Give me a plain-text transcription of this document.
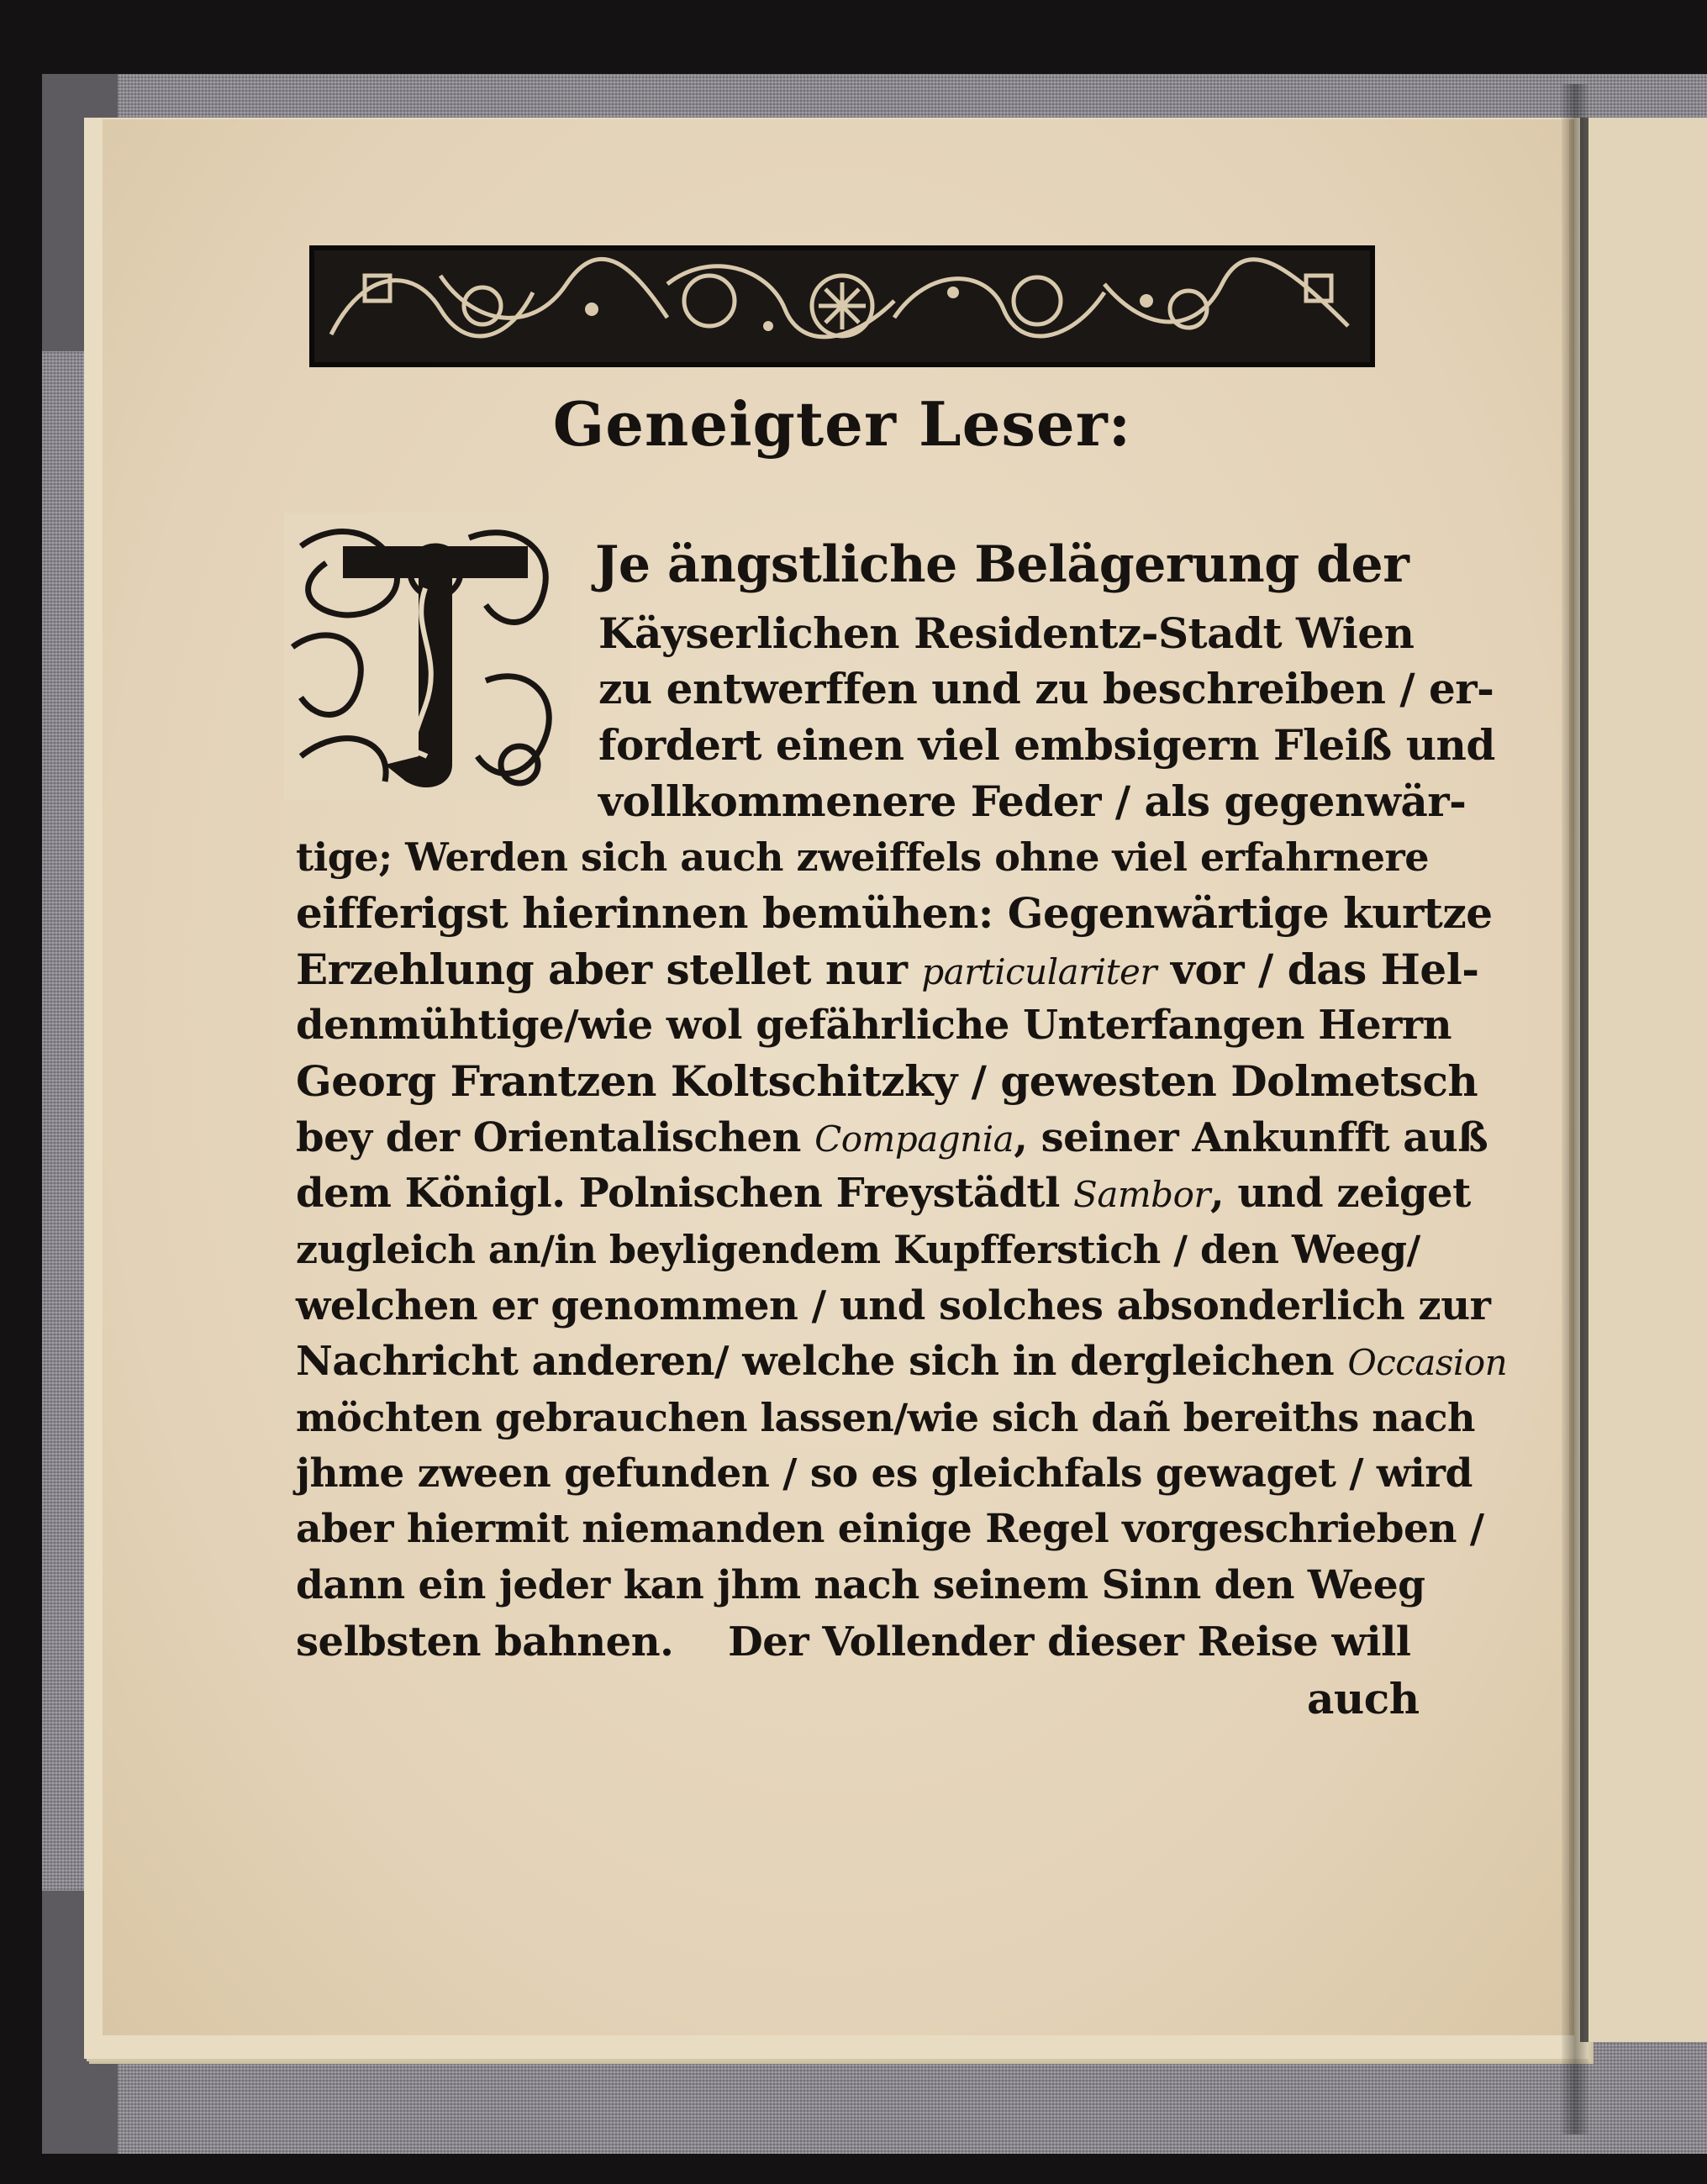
Geneigter Leser:
D
Je ängstliche Belägerung der
Käyserlichen Residentz-Stadt Wien
zu entwerffen und zu beschreiben / er-
fordert einen viel embsigern Fleiß und
vollkommenere Feder / als gegenwär-
tige; Werden sich auch zweiffels ohne viel erfahrnere
eifferigst hierinnen bemühen: Gegenwärtige kurtze
Erzehlung aber stellet nur particulariter vor / das Hel-
denmühtige/wie wol gefährliche Unterfangen Herrn
Georg Frantzen Koltschitzky / gewesten Dolmetsch
bey der Orientalischen Compagnia, seiner Ankunfft auß
dem Königl. Polnischen Freystädtl Sambor, und zeiget
zugleich an/in beyligendem Kupfferstich / den Weeg/
welchen er genommen / und solches absonderlich zur
Nachricht anderen/ welche sich in dergleichen Occasion
möchten gebrauchen lassen/wie sich dañ bereiths nach
jhme zween gefunden / so es gleichfals gewaget / wird
aber hiermit niemanden einige Regel vorgeschrieben /
dann ein jeder kan jhm nach seinem Sinn den Weeg
selbsten bahnen.    Der Vollender dieser Reise will
auch
